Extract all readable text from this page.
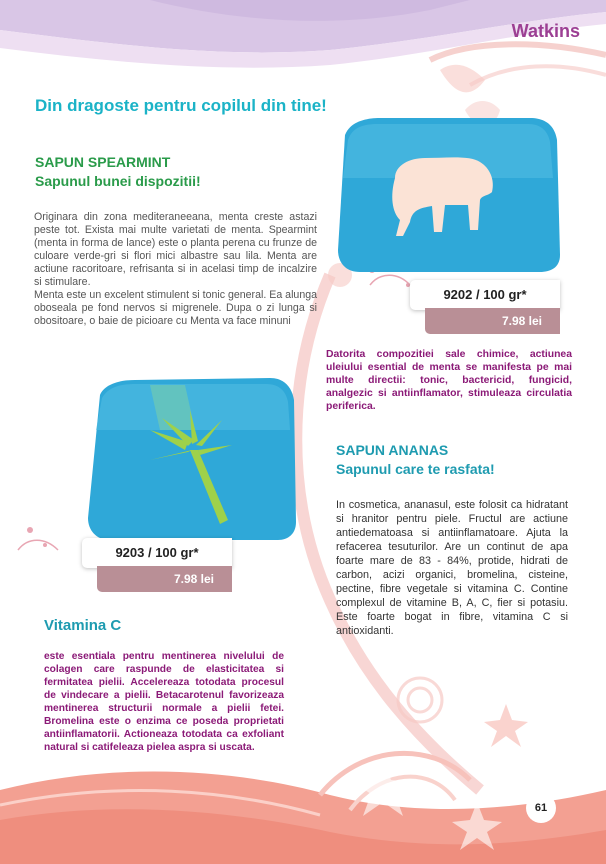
Watkins
Din dragoste pentru copilul din tine!
SAPUN SPEARMINT
Sapunul bunei dispozitii!

Originara din zona mediteraneeana, menta creste astazi peste tot. Exista mai multe varietati de menta. Spearmint (menta in forma de lance) este o planta perena cu frunze de culoare verde-gri si flori mici albastre sau lila. Menta are actiune racoritoare, refrisanta si in acelasi timp de incalzire si stimulare.

Menta este un excelent stimulent si tonic general. Ea alunga oboseala pe fond nervos si migrenele. Dupa o zi lunga si obositoare, o baie de picioare cu Menta va face minuni

9202 / 100 gr*
7.98 lei
Datorita compozitiei sale chimice, actiunea uleiului esential de menta se manifesta pe mai multe directii: tonic, bactericid, fungicid, analgezic si antiinflamator, stimuleaza circulatia periferica.
SAPUN ANANAS
Sapunul care te rasfata!
In cosmetica, ananasul, este folosit ca hidratant si hranitor pentru piele. Fructul are actiune antiedematoasa si antiinflamatoare. Ajuta la refacerea tesuturilor. Are un continut de apa foarte mare de 83 - 84%, protide, hidrati de carbon, acizi organici, bromelina, cisteine, pectine, fibre vegetale si vitamina C. Contine complexul de vitamine B, A, C, fier si potasiu. Este foarte bogat in fibre, vitamina C si antioxidanti.
9203 / 100 gr*
7.98 lei
Vitamina C
este esentiala pentru mentinerea nivelului de colagen care raspunde de elasticitatea si fermitatea pielii. Accelereaza totodata procesul de vindecare a pielii. Betacarotenul favorizeaza mentinerea structurii normale a pielii fetei. Bromelina este o enzima ce poseda proprietati antiinflamatorii. Actioneaza totodata ca exfoliant natural si catifeleaza pielea aspra si uscata.
61
